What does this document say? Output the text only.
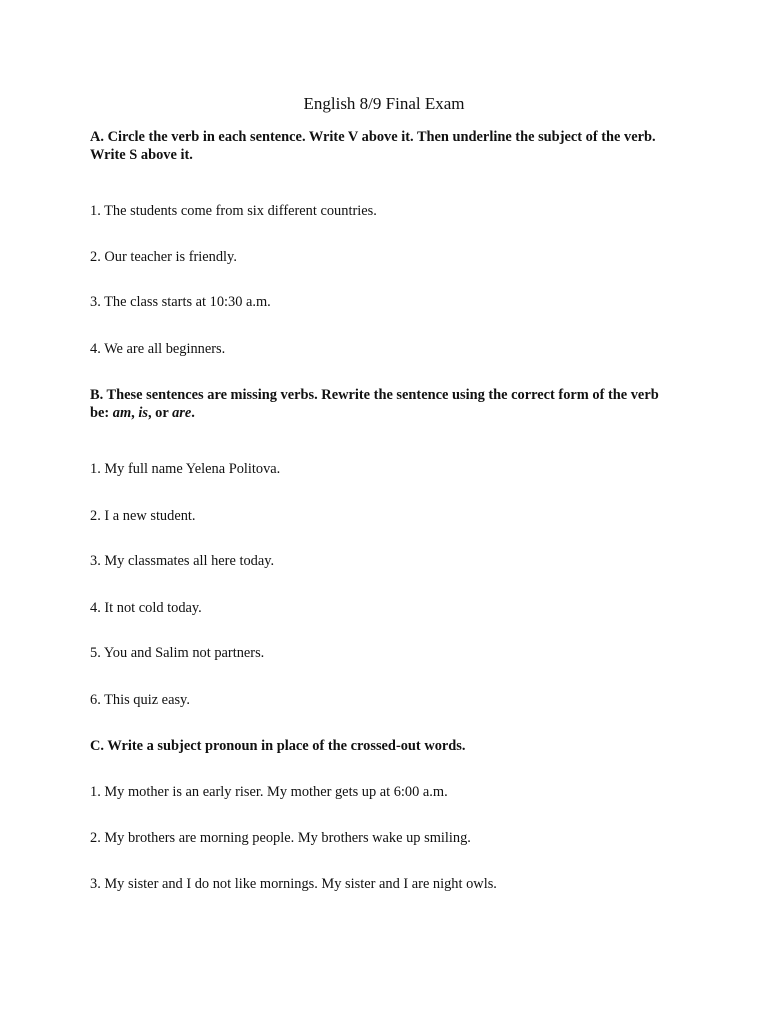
English 8/9 Final Exam
A. Circle the verb in each sentence. Write V above it. Then underline the subject of the verb. Write S above it.
1. The students come from six different countries.
2. Our teacher is friendly.
3. The class starts at 10:30 a.m.
4. We are all beginners.
B. These sentences are missing verbs. Rewrite the sentence using the correct form of the verb be: am, is, or are.
1. My full name Yelena Politova.
2. I a new student.
3. My classmates all here today.
4. It not cold today.
5. You and Salim not partners.
6. This quiz easy.
C. Write a subject pronoun in place of the crossed-out words.
1. My mother is an early riser. My mother gets up at 6:00 a.m.
2. My brothers are morning people. My brothers wake up smiling.
3. My sister and I do not like mornings. My sister and I are night owls.
